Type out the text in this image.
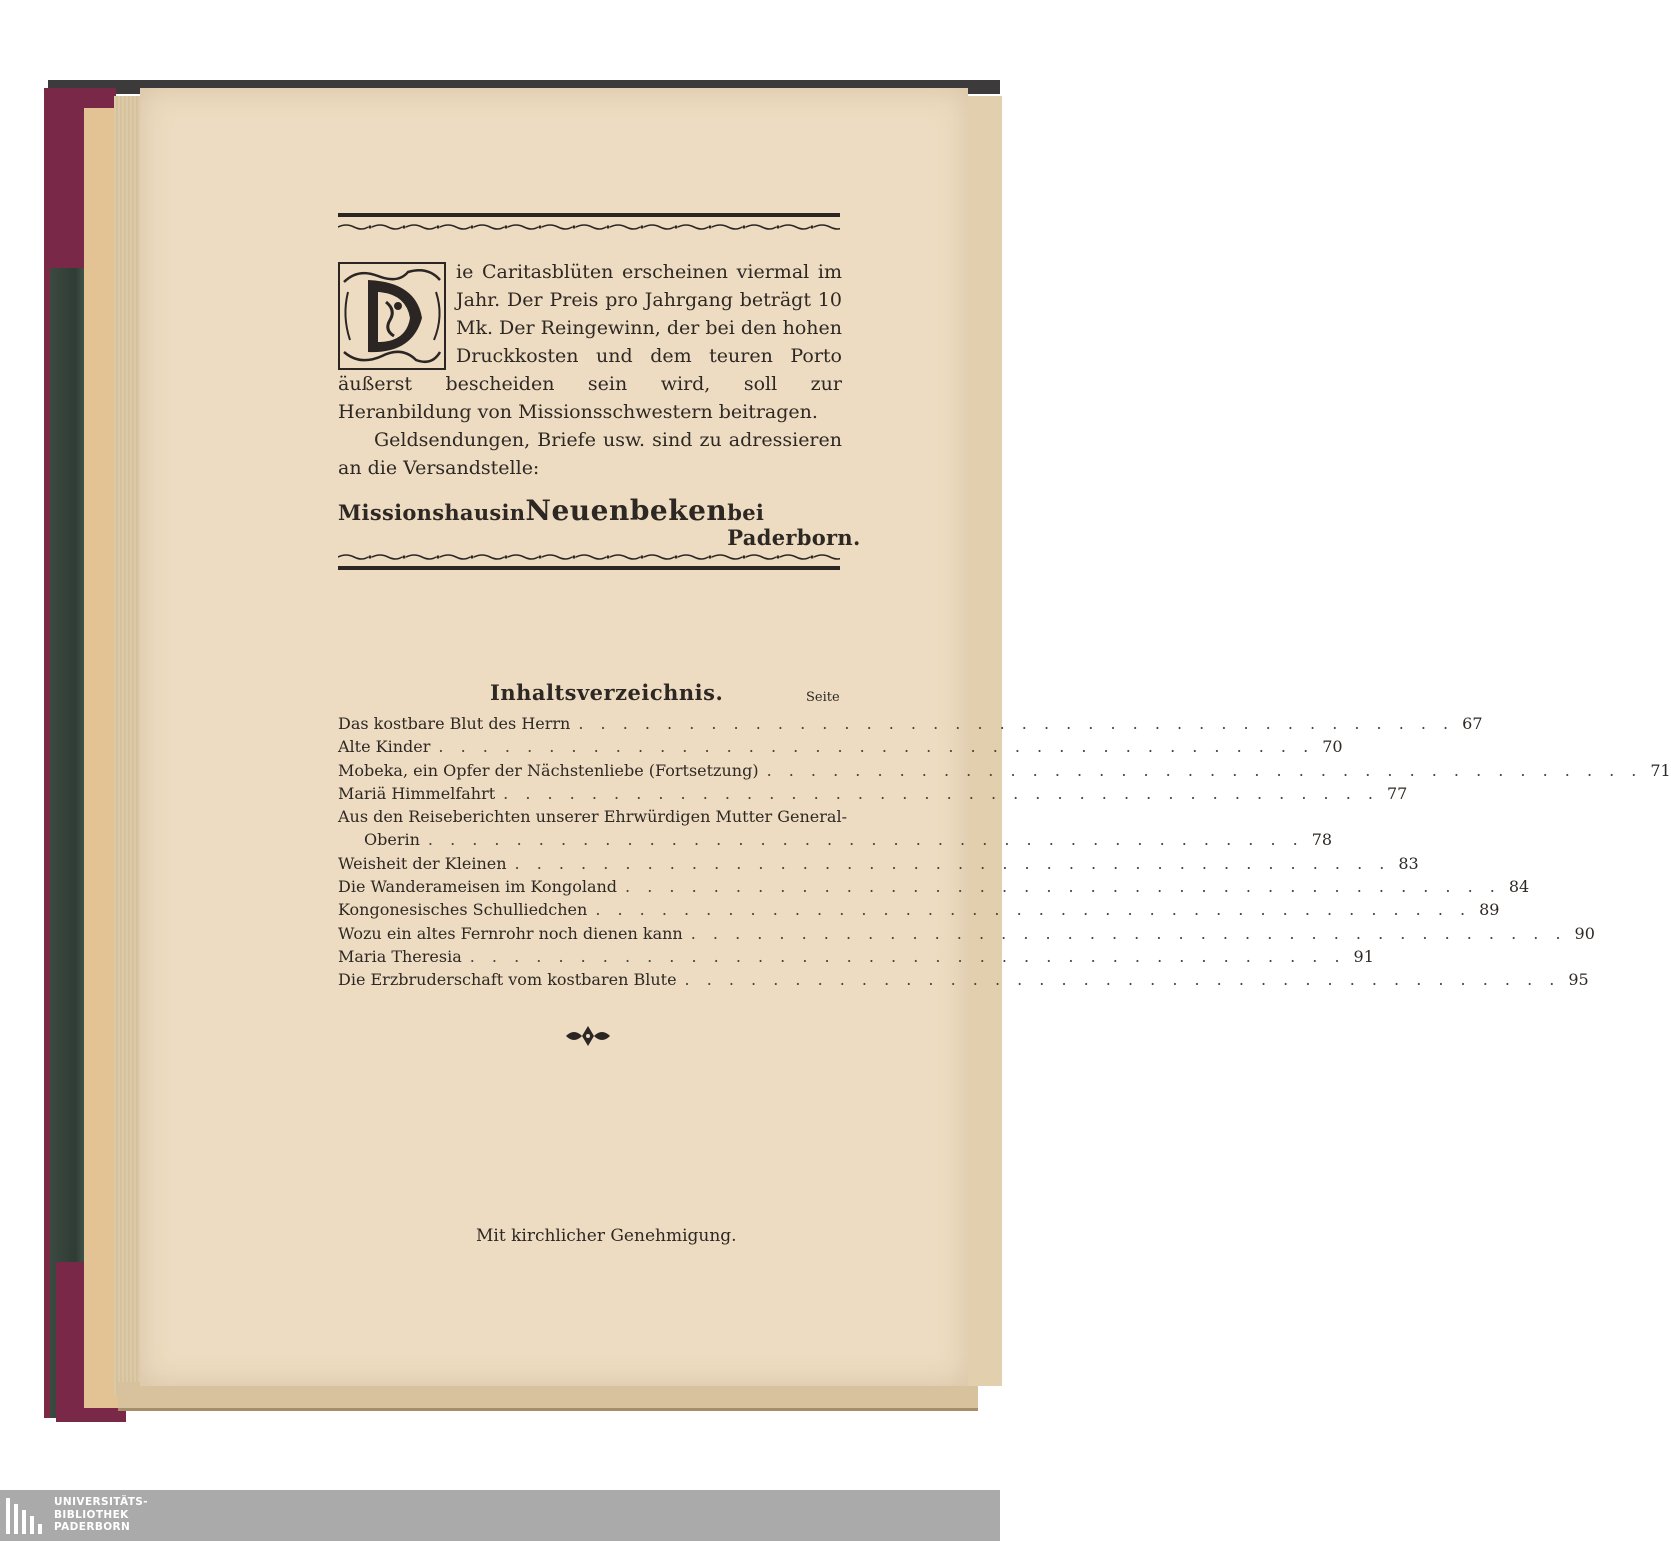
ie Caritasblüten erscheinen viermal im Jahr. Der Preis pro Jahrgang beträgt 10 Mk. Der Reingewinn, der bei den hohen Druckkosten und dem teuren Porto äußerst bescheiden sein wird, soll zur Heranbildung von Missionsschwestern beitragen.

Geldsendungen, Briefe usw. sind zu adressieren an die Versandstelle:

Missionshaus in Neuenbeken bei Paderborn.
Inhaltsverzeichnis.	Seite
Das kostbare Blut des Herrn . . . . . . . . . . . . . . . . . . . . . . . . . . . . . . . . . . . . . . . . 67
Alte Kinder . . . . . . . . . . . . . . . . . . . . . . . . . . . . . . . . . . . . . . . . 70
Mobeka, ein Opfer der Nächstenliebe (Fortsetzung) . . . . . . . . . . . . . . . . . . . . . . . . . . . . . . . . . . . . . . . . 71
Mariä Himmelfahrt . . . . . . . . . . . . . . . . . . . . . . . . . . . . . . . . . . . . . . . . 77
Aus den Reiseberichten unserer Ehrwürdigen Mutter General-
Oberin . . . . . . . . . . . . . . . . . . . . . . . . . . . . . . . . . . . . . . . . 78
Weisheit der Kleinen . . . . . . . . . . . . . . . . . . . . . . . . . . . . . . . . . . . . . . . . 83
Die Wanderameisen im Kongoland . . . . . . . . . . . . . . . . . . . . . . . . . . . . . . . . . . . . . . . . 84
Kongonesisches Schulliedchen . . . . . . . . . . . . . . . . . . . . . . . . . . . . . . . . . . . . . . . . 89
Wozu ein altes Fernrohr noch dienen kann . . . . . . . . . . . . . . . . . . . . . . . . . . . . . . . . . . . . . . . . 90
Maria Theresia . . . . . . . . . . . . . . . . . . . . . . . . . . . . . . . . . . . . . . . . 91
Die Erzbruderschaft vom kostbaren Blute . . . . . . . . . . . . . . . . . . . . . . . . . . . . . . . . . . . . . . . . 95
Mit kirchlicher Genehmigung.
UNIVERSITÄTS-
BIBLIOTHEK
PADERBORN
